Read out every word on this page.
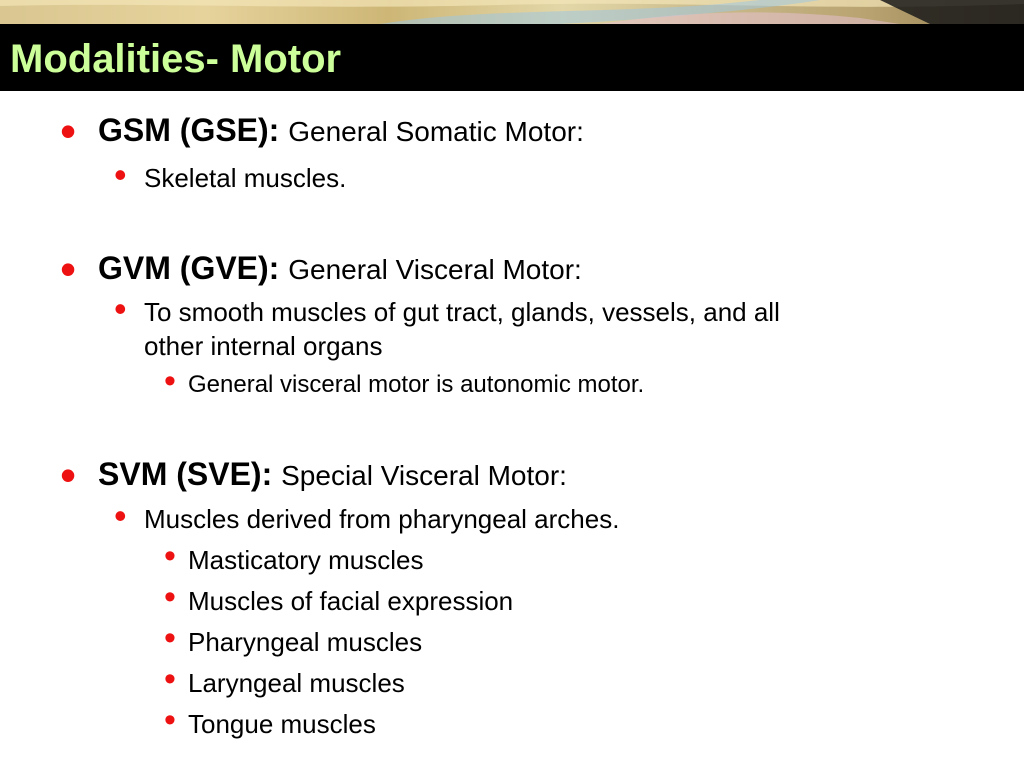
Modalities- Motor
• GSM (GSE): General Somatic Motor:
• Skeletal muscles.
• GVM (GVE): General Visceral Motor:
• To smooth muscles of gut tract, glands, vessels, and all
other internal organs
• General visceral motor is autonomic motor.
• SVM (SVE): Special Visceral Motor:
• Muscles derived from pharyngeal arches.
• Masticatory muscles
• Muscles of facial expression
• Pharyngeal muscles
• Laryngeal muscles
• Tongue muscles
